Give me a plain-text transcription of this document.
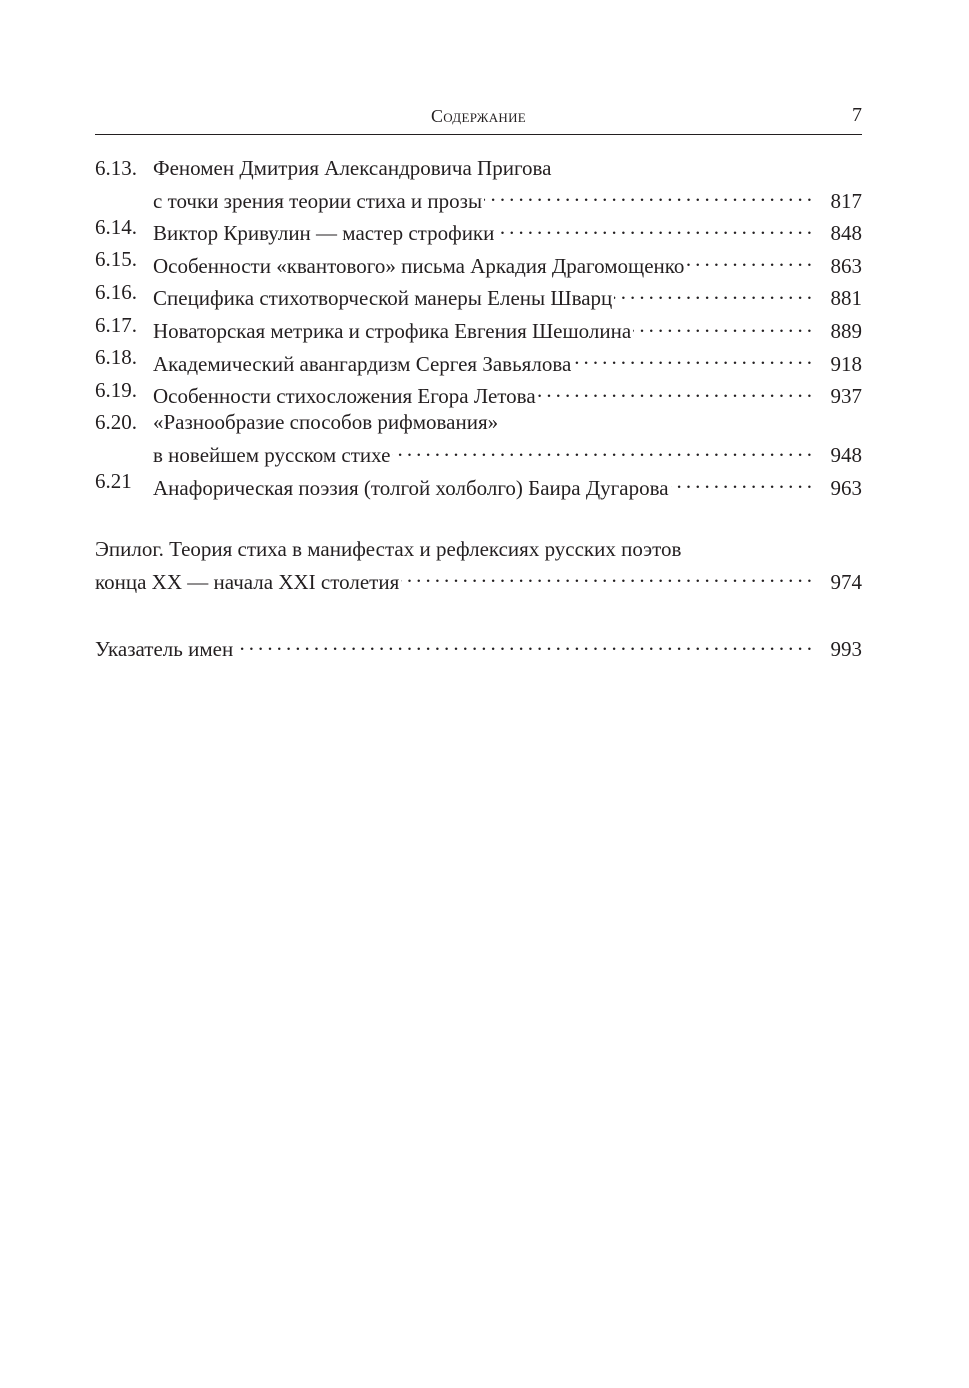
Содержание	7
6.13. Феномен Дмитрия Александровича Пригова
с точки зрения теории стиха и прозы . . .	817
6.14. Виктор Кривулин — мастер строфики . . .	848
6.15. Особенности «квантового» письма Аркадия Драгомощенко . . .	863
6.16. Специфика стихотворческой манеры Елены Шварц . . .	881
6.17. Новаторская метрика и строфика Евгения Шешолина . . .	889
6.18. Академический авангардизм Сергея Завьялова . . .	918
6.19. Особенности стихосложения Егора Летова . . .	937
6.20. «Разнообразие способов рифмования»
в новейшем русском стихе . . .	948
6.21 Анафорическая поэзия (толгой холболго) Баира Дугарова . . .	963
Эпилог. Теория стиха в манифестах и рефлексиях русских поэтов
конца XX — начала XXI столетия . . .	974
Указатель имен . . .	993
